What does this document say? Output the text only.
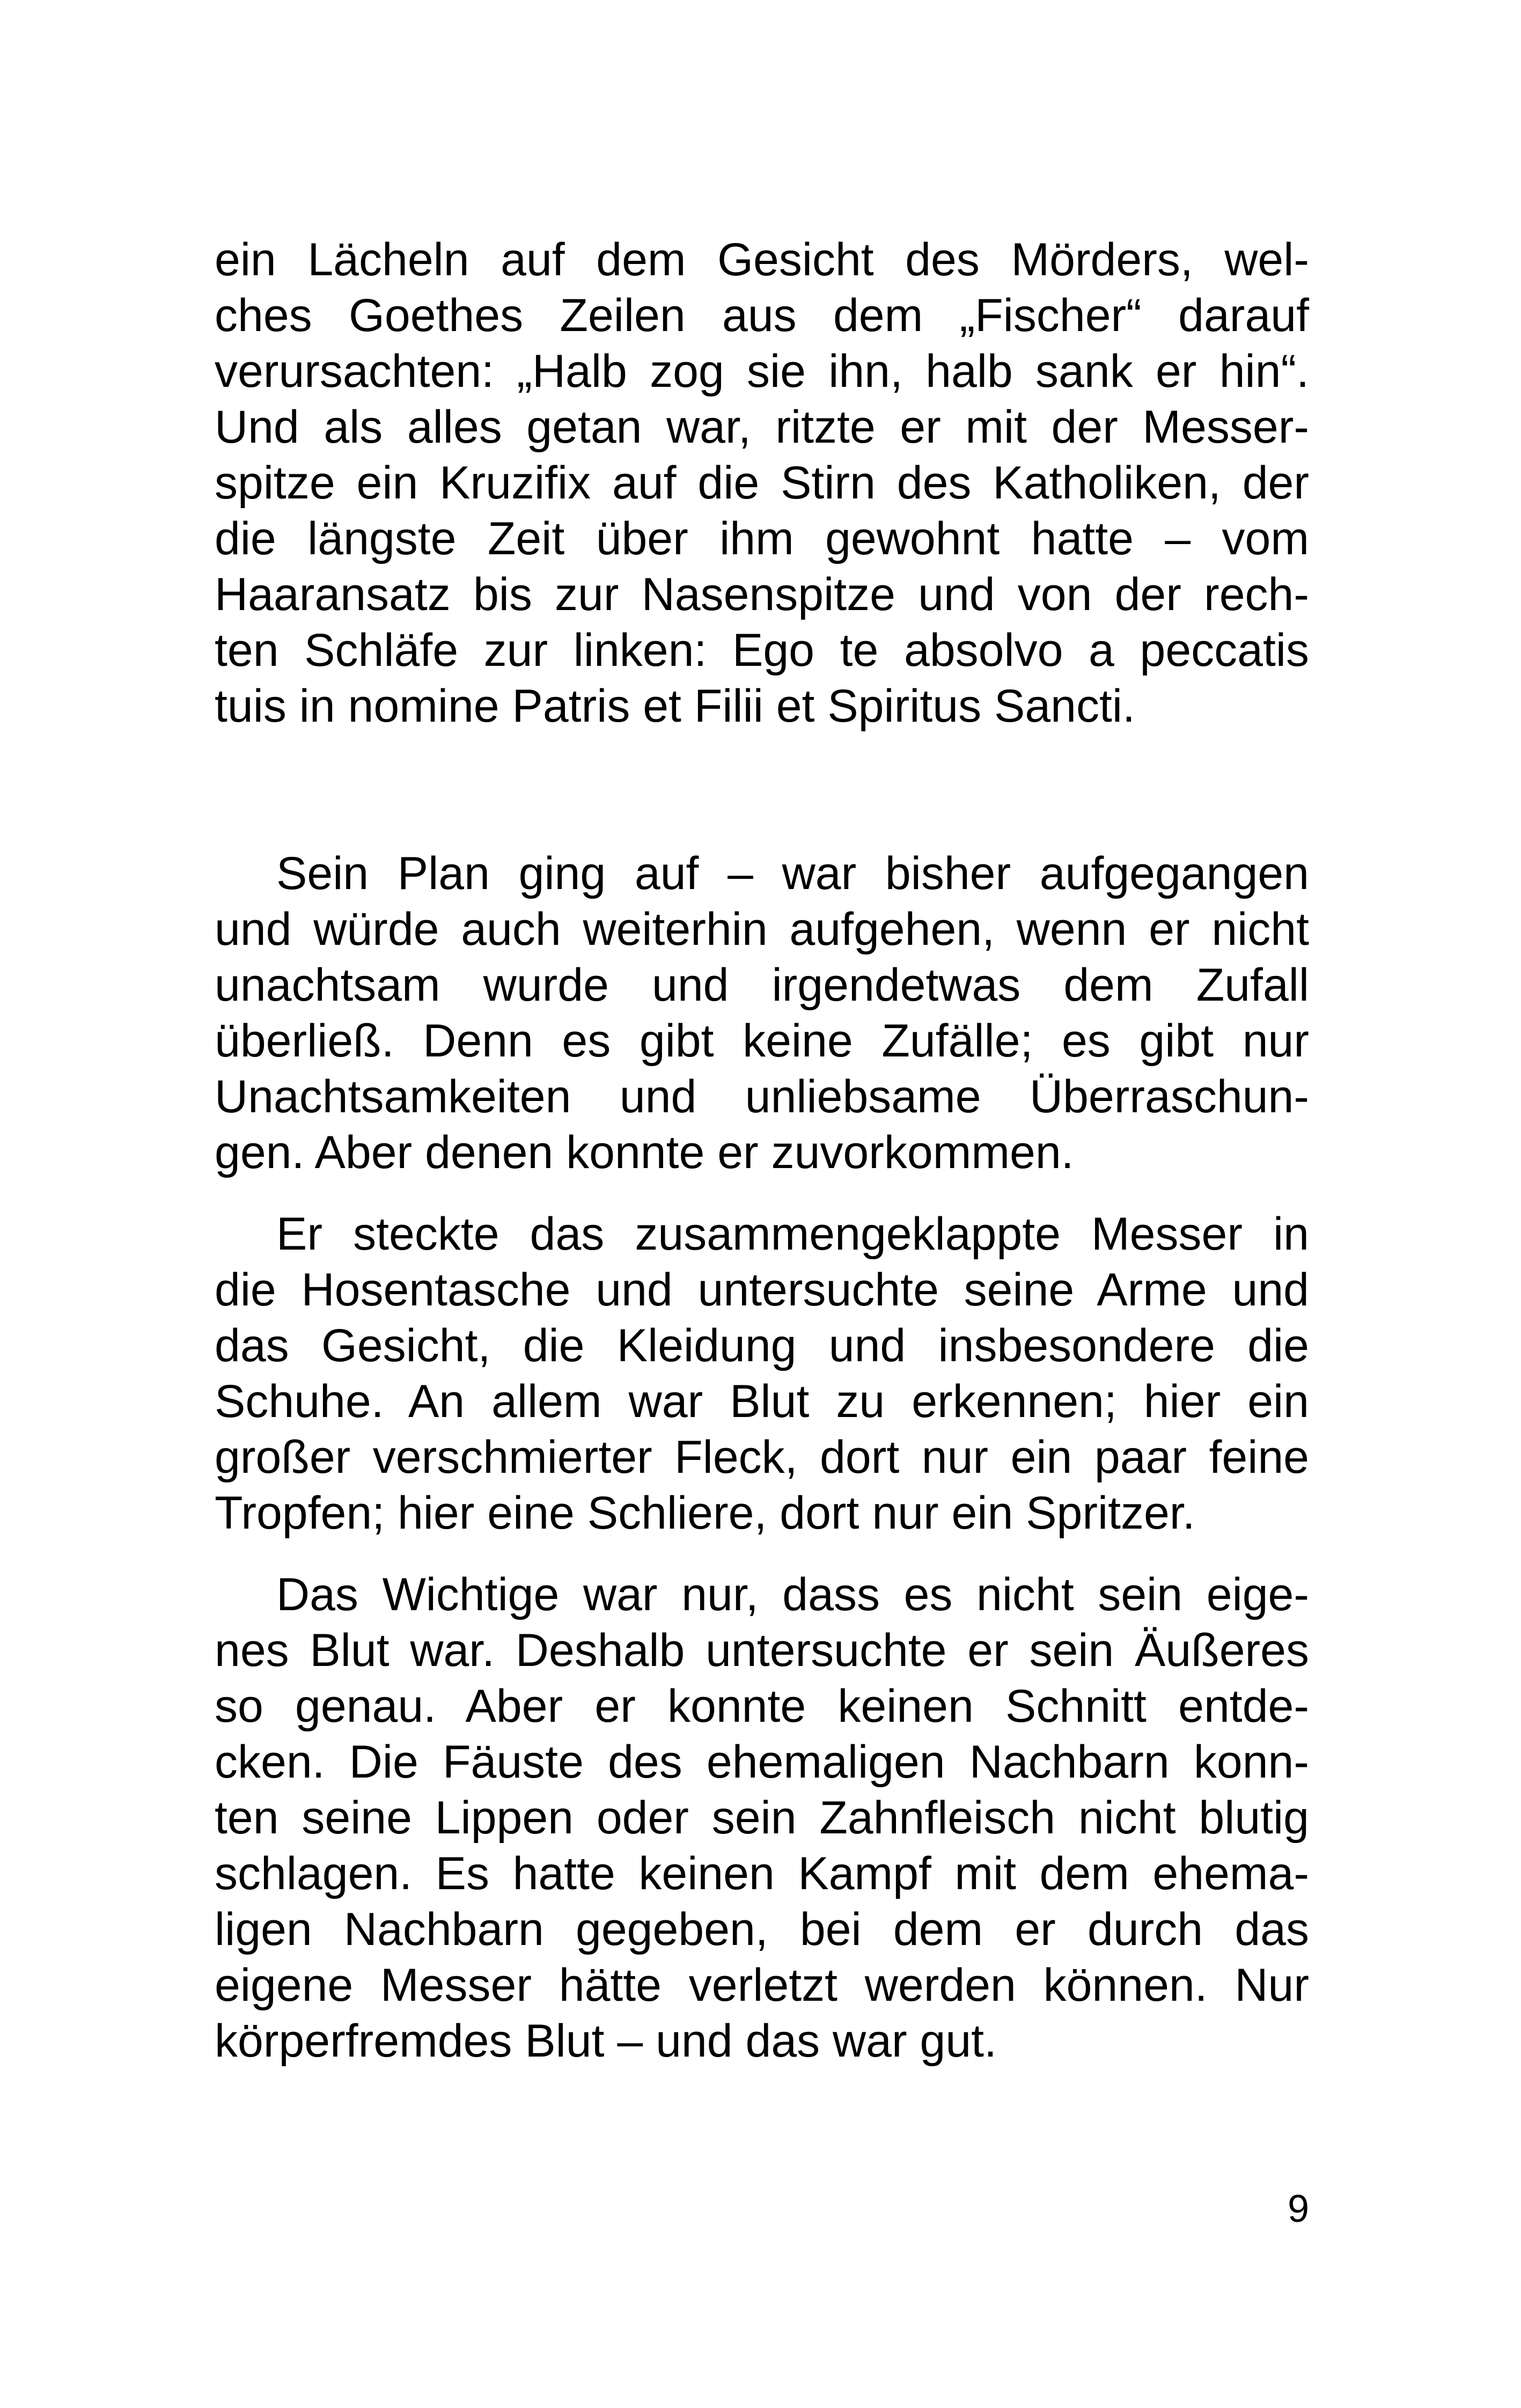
ein Lächeln auf dem Gesicht des Mörders, wel-
ches Goethes Zeilen aus dem „Fischer“ darauf
verursachten: „Halb zog sie ihn, halb sank er hin“.
Und als alles getan war, ritzte er mit der Messer-
spitze ein Kruzifix auf die Stirn des Katholiken, der
die längste Zeit über ihm gewohnt hatte – vom
Haaransatz bis zur Nasenspitze und von der rech-
ten Schläfe zur linken: Ego te absolvo a peccatis
tuis in nomine Patris et Filii et Spiritus Sancti.
Sein Plan ging auf – war bisher aufgegangen
und würde auch weiterhin aufgehen, wenn er nicht
unachtsam wurde und irgendetwas dem Zufall
überließ. Denn es gibt keine Zufälle; es gibt nur
Unachtsamkeiten und unliebsame Überraschun-
gen. Aber denen konnte er zuvorkommen.
Er steckte das zusammengeklappte Messer in
die Hosentasche und untersuchte seine Arme und
das Gesicht, die Kleidung und insbesondere die
Schuhe. An allem war Blut zu erkennen; hier ein
großer verschmierter Fleck, dort nur ein paar feine
Tropfen; hier eine Schliere, dort nur ein Spritzer.
Das Wichtige war nur, dass es nicht sein eige-
nes Blut war. Deshalb untersuchte er sein Äußeres
so genau. Aber er konnte keinen Schnitt entde-
cken. Die Fäuste des ehemaligen Nachbarn konn-
ten seine Lippen oder sein Zahnfleisch nicht blutig
schlagen. Es hatte keinen Kampf mit dem ehema-
ligen Nachbarn gegeben, bei dem er durch das
eigene Messer hätte verletzt werden können. Nur
körperfremdes Blut – und das war gut.
9
